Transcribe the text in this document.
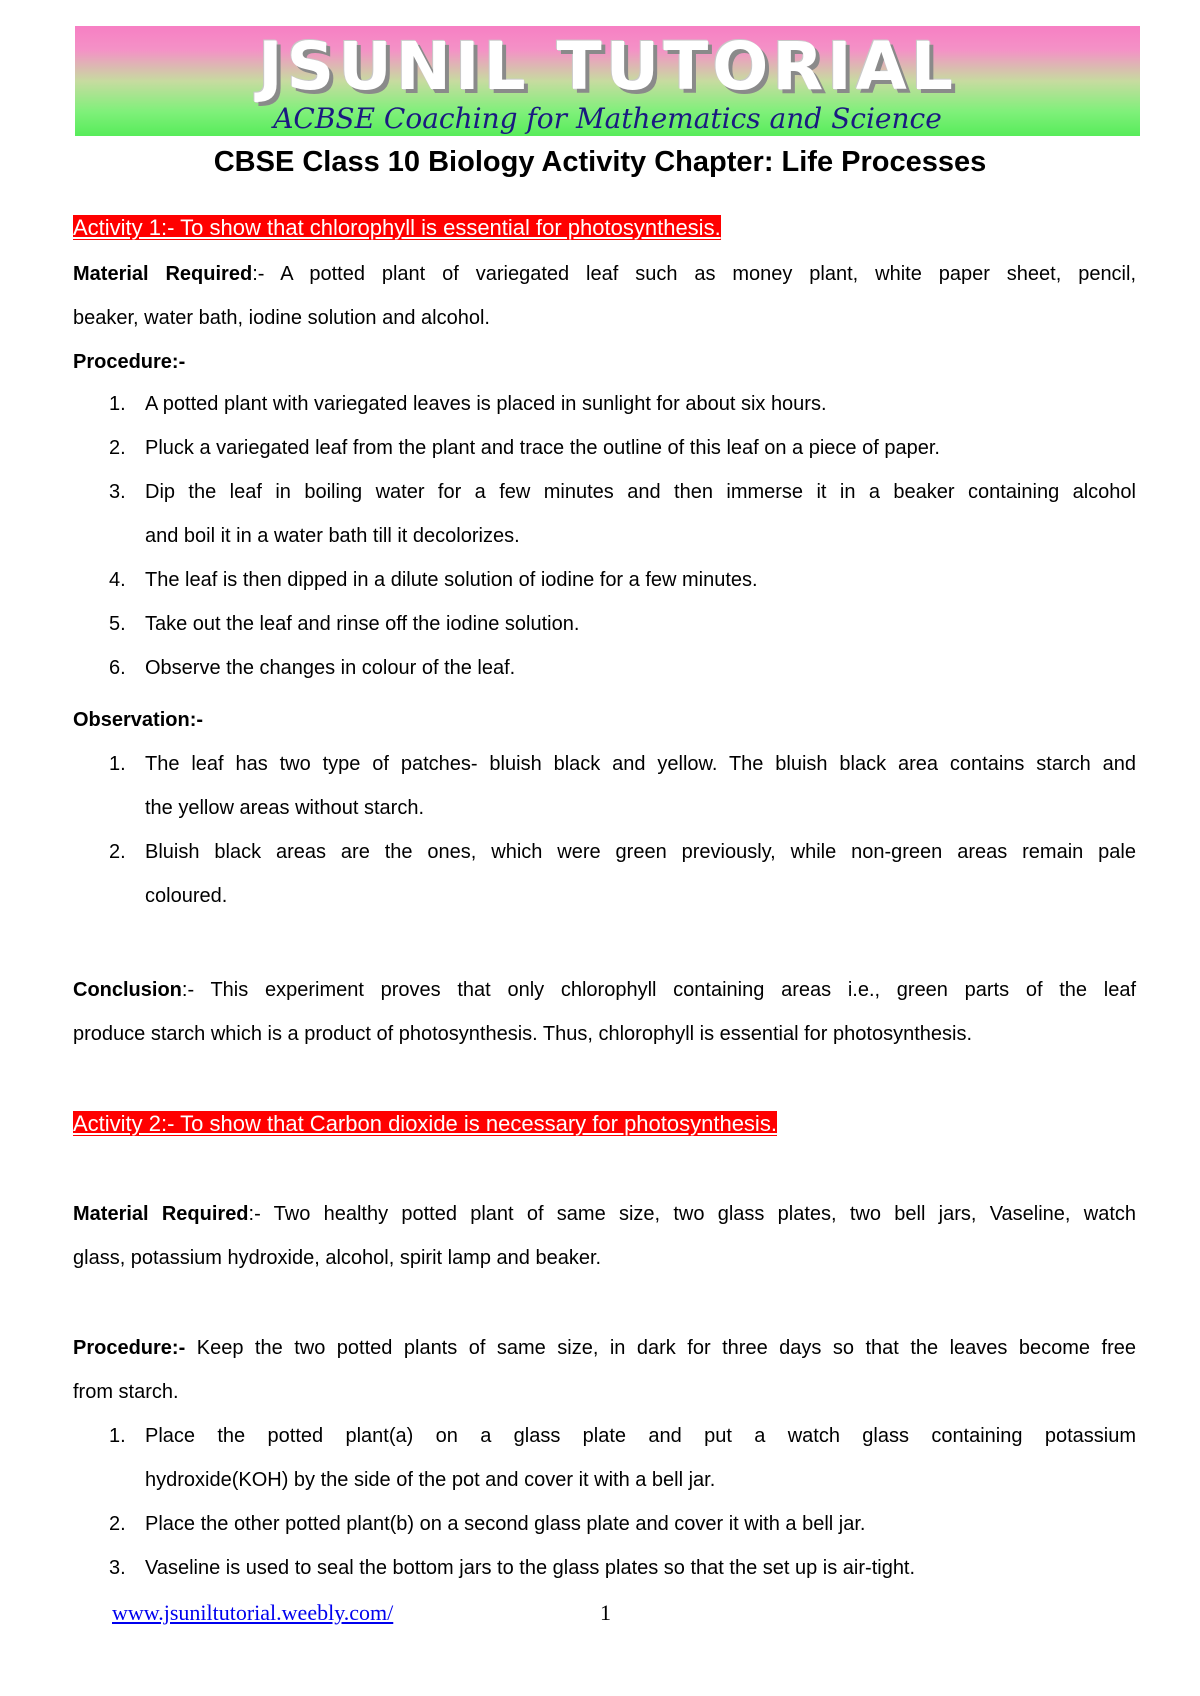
JSUNIL TUTORIAL
ACBSE Coaching for Mathematics and Science
CBSE Class 10 Biology Activity Chapter: Life Processes
Activity 1:- To show that chlorophyll is essential for photosynthesis.
Material Required:- A potted plant of variegated leaf such as money plant, white paper sheet, pencil,
beaker, water bath, iodine solution and alcohol.
Procedure:-
1. A potted plant with variegated leaves is placed in sunlight for about six hours.
2. Pluck a variegated leaf from the plant and trace the outline of this leaf on a piece of paper.
3. Dip the leaf in boiling water for a few minutes and then immerse it in a beaker containing alcohol
and boil it in a water bath till it decolorizes.
4. The leaf is then dipped in a dilute solution of iodine for a few minutes.
5. Take out the leaf and rinse off the iodine solution.
6. Observe the changes in colour of the leaf.
Observation:-
1. The leaf has two type of patches- bluish black and yellow. The bluish black area contains starch and
the yellow areas without starch.
2. Bluish black areas are the ones, which were green previously, while non-green areas remain pale
coloured.
Conclusion:- This experiment proves that only chlorophyll containing areas i.e., green parts of the leaf
produce starch which is a product of photosynthesis. Thus, chlorophyll is essential for photosynthesis.
Activity 2:- To show that Carbon dioxide is necessary for photosynthesis.
Material Required:- Two healthy potted plant of same size, two glass plates, two bell jars, Vaseline, watch
glass, potassium hydroxide, alcohol, spirit lamp and beaker.
Procedure:- Keep the two potted plants of same size, in dark for three days so that the leaves become free
from starch.
1. Place the potted plant(a) on a glass plate and put a watch glass containing potassium
hydroxide(KOH) by the side of the pot and cover it with a bell jar.
2. Place the other potted plant(b) on a second glass plate and cover it with a bell jar.
3. Vaseline is used to seal the bottom jars to the glass plates so that the set up is air-tight.
www.jsuniltutorial.weebly.com/	1
